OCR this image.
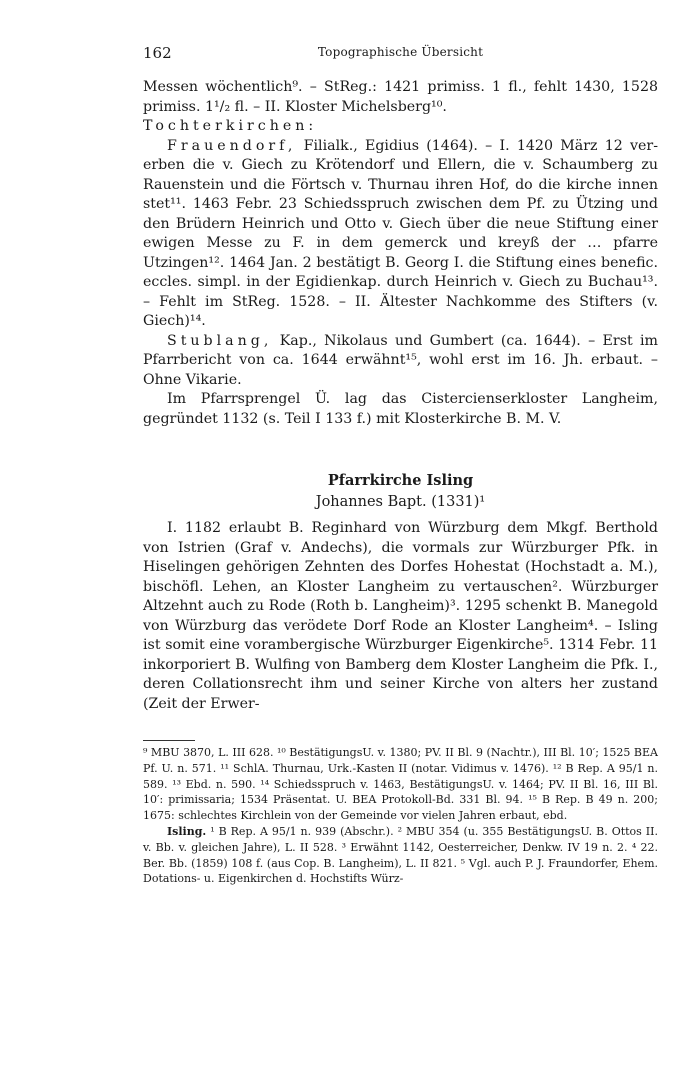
162	Topographische Übersicht

Messen wöchentlich⁹. – StReg.: 1421 primiss. 1 fl., fehlt 1430, 1528 primiss. 1¹/₂ fl. – II. Kloster Michelsberg¹⁰.

Tochterkirchen:

Frauendorf, Filialk., Egidius (1464). – I. 1420 März 12 ver-erben die v. Giech zu Krötendorf und Ellern, die v. Schaumberg zu Rauenstein und die Förtsch v. Thurnau ihren Hof, do die kirche innen stet¹¹. 1463 Febr. 23 Schiedsspruch zwischen dem Pf. zu Ützing und den Brüdern Heinrich und Otto v. Giech über die neue Stiftung einer ewigen Messe zu F. in dem gemerck und kreyß der … pfarre Utzingen¹². 1464 Jan. 2 bestätigt B. Georg I. die Stiftung eines benefic. eccles. simpl. in der Egidienkap. durch Heinrich v. Giech zu Buchau¹³. – Fehlt im StReg. 1528. – II. Ältester Nachkomme des Stifters (v. Giech)¹⁴.

Stublang, Kap., Nikolaus und Gumbert (ca. 1644). – Erst im Pfarrbericht von ca. 1644 erwähnt¹⁵, wohl erst im 16. Jh. erbaut. – Ohne Vikarie.

Im Pfarrsprengel Ü. lag das Cistercienserkloster Langheim, gegründet 1132 (s. Teil I 133 f.) mit Klosterkirche B. M. V.

Pfarrkirche Isling
Johannes Bapt. (1331)¹

I. 1182 erlaubt B. Reginhard von Würzburg dem Mkgf. Berthold von Istrien (Graf v. Andechs), die vormals zur Würzburger Pfk. in Hiselingen gehörigen Zehnten des Dorfes Hohestat (Hochstadt a. M.), bischöfl. Lehen, an Kloster Langheim zu vertauschen². Würzburger Altzehnt auch zu Rode (Roth b. Langheim)³. 1295 schenkt B. Manegold von Würzburg das verödete Dorf Rode an Kloster Langheim⁴. – Isling ist somit eine vorambergische Würzburger Eigenkirche⁵. 1314 Febr. 11 inkorporiert B. Wulfing von Bamberg dem Kloster Langheim die Pfk. I., deren Collationsrecht ihm und seiner Kirche von alters her zustand (Zeit der Erwer-

⁹ MBU 3870, L. III 628. ¹⁰ BestätigungsU. v. 1380; PV. II Bl. 9 (Nachtr.), III Bl. 10′; 1525 BEA Pf. U. n. 571. ¹¹ SchlA. Thurnau, Urk.-Kasten II (notar. Vidimus v. 1476). ¹² B Rep. A 95/1 n. 589. ¹³ Ebd. n. 590. ¹⁴ Schiedsspruch v. 1463, BestätigungsU. v. 1464; PV. II Bl. 16, III Bl. 10′: primissaria; 1534 Präsentat. U. BEA Protokoll-Bd. 331 Bl. 94. ¹⁵ B Rep. B 49 n. 200; 1675: schlechtes Kirchlein von der Gemeinde vor vielen Jahren erbaut, ebd.

Isling. ¹ B Rep. A 95/1 n. 939 (Abschr.). ² MBU 354 (u. 355 BestätigungsU. B. Ottos II. v. Bb. v. gleichen Jahre), L. II 528. ³ Erwähnt 1142, Oesterreicher, Denkw. IV 19 n. 2. ⁴ 22. Ber. Bb. (1859) 108 f. (aus Cop. B. Langheim), L. II 821. ⁵ Vgl. auch P. J. Fraundorfer, Ehem. Dotations- u. Eigenkirchen d. Hochstifts Würz-
